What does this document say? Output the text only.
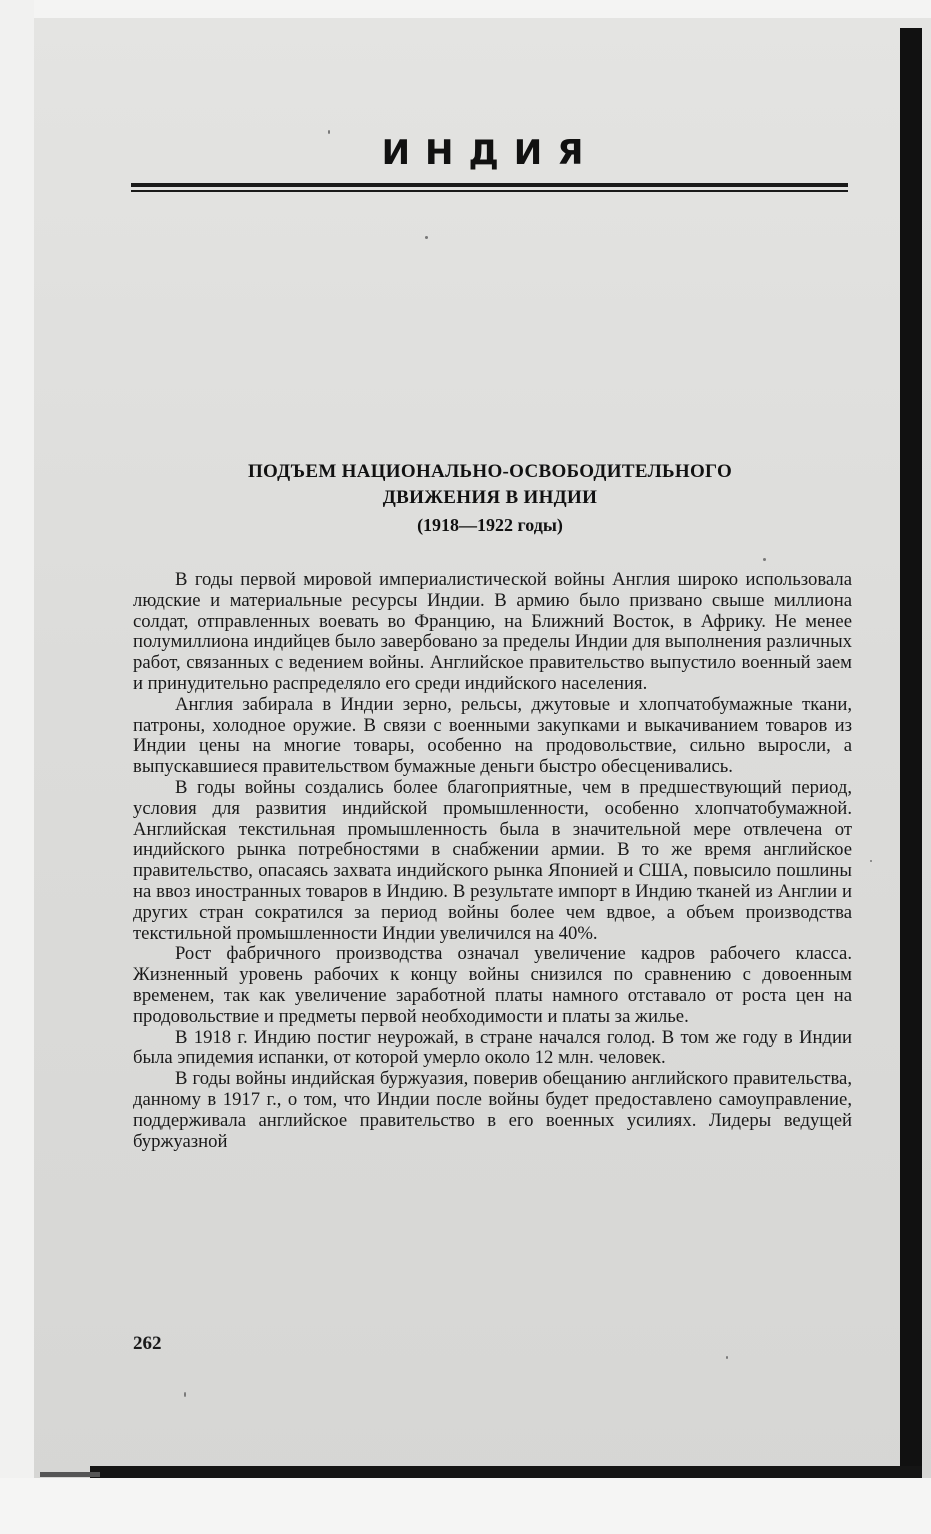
ИНДИЯ
ПОДЪЕМ НАЦИОНАЛЬНО-ОСВОБОДИТЕЛЬНОГО
ДВИЖЕНИЯ В ИНДИИ
(1918—1922 годы)

В годы первой мировой империалистической войны Англия широко использовала людские и материальные ресурсы Индии. В армию было призвано свыше миллиона солдат, отправленных воевать во Францию, на Ближний Восток, в Африку. Не менее полумиллиона индийцев было завербовано за пределы Индии для выполнения различных работ, связанных с ведением войны. Английское правительство выпустило военный заем и принудительно распределяло его среди индийского населения.

Англия забирала в Индии зерно, рельсы, джутовые и хлопчатобумажные ткани, патроны, холодное оружие. В связи с военными закупками и выкачиванием товаров из Индии цены на многие товары, особенно на продовольствие, сильно выросли, а выпускавшиеся правительством бумажные деньги быстро обесценивались.

В годы войны создались более благоприятные, чем в предшествующий период, условия для развития индийской промышленности, особенно хлопчатобумажной. Английская текстильная промышленность была в значительной мере отвлечена от индийского рынка потребностями в снабжении армии. В то же время английское правительство, опасаясь захвата индийского рынка Японией и США, повысило пошлины на ввоз иностранных товаров в Индию. В результате импорт в Индию тканей из Англии и других стран сократился за период войны более чем вдвое, а объем производства текстильной промышленности Индии увеличился на 40%.

Рост фабричного производства означал увеличение кадров рабочего класса. Жизненный уровень рабочих к концу войны снизился по сравнению с довоенным временем, так как увеличение заработной платы намного отставало от роста цен на продовольствие и предметы первой необходимости и платы за жилье.

В 1918 г. Индию постиг неурожай, в стране начался голод. В том же году в Индии была эпидемия испанки, от которой умерло около 12 млн. человек.

В годы войны индийская буржуазия, поверив обещанию английского правительства, данному в 1917 г., о том, что Индии после войны будет предоставлено самоуправление, поддерживала английское правительство в его военных усилиях. Лидеры ведущей буржуазной

262
